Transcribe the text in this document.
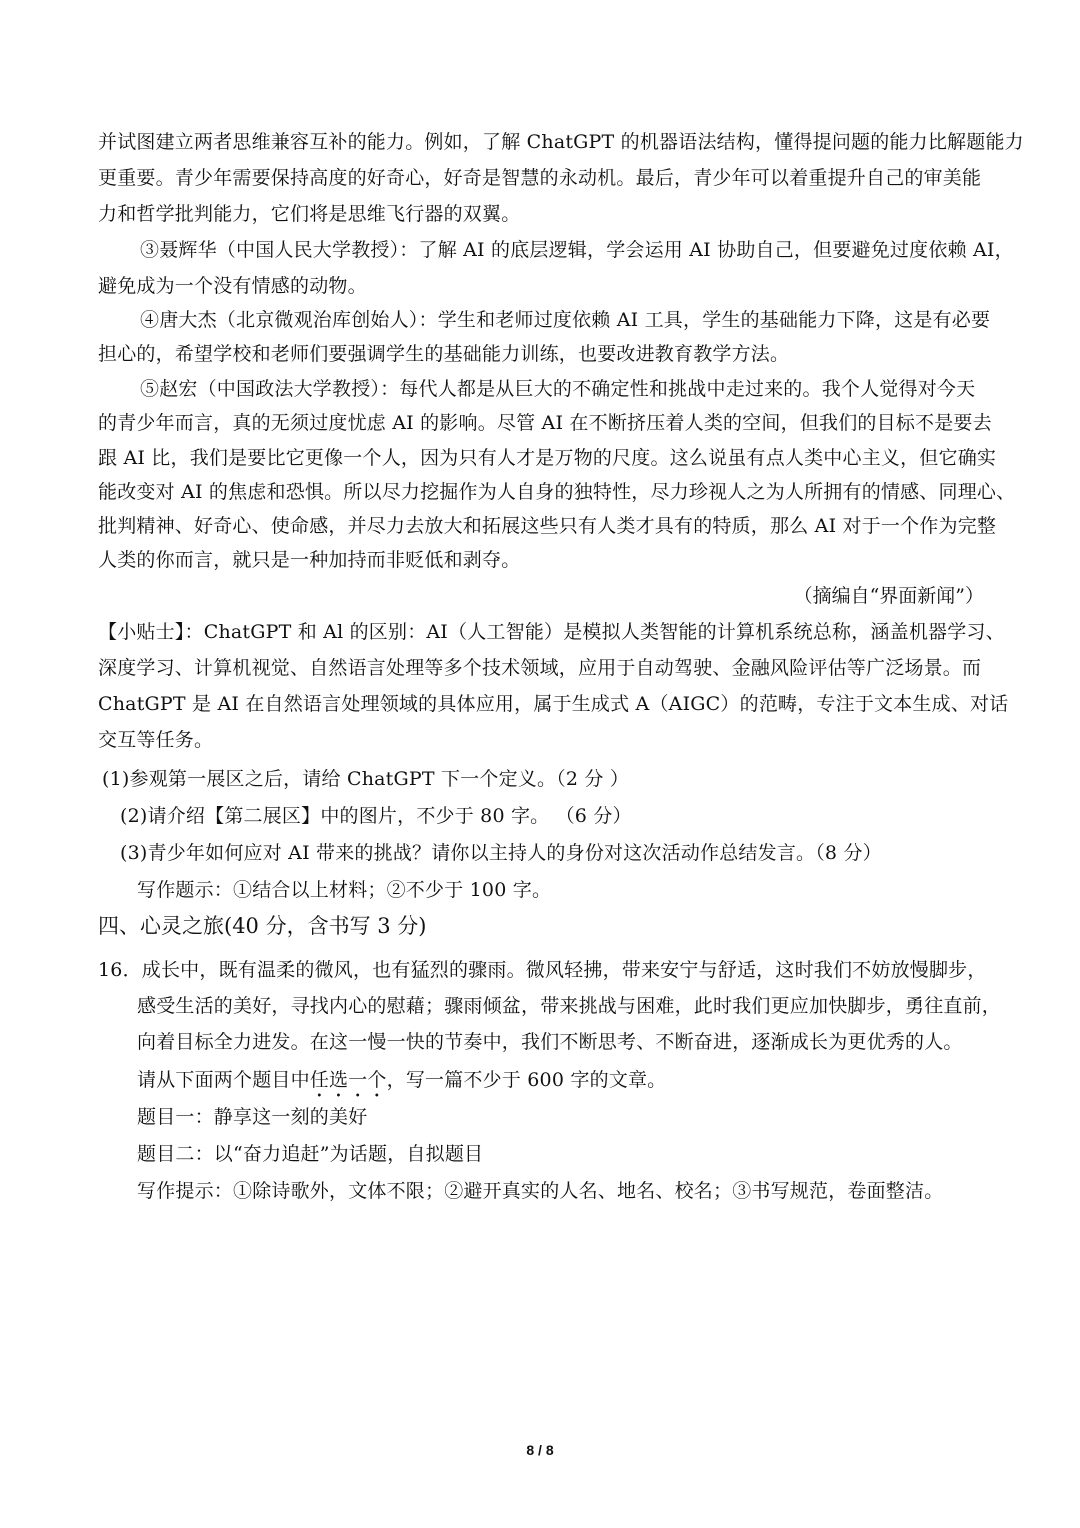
并试图建立两者思维兼容互补的能力。例如，了解 ChatGPT 的机器语法结构，懂得提问题的能力比解题能力
更重要。青少年需要保持高度的好奇心，好奇是智慧的永动机。最后，青少年可以着重提升自己的审美能
力和哲学批判能力，它们将是思维飞行器的双翼。
③聂辉华（中国人民大学教授）：了解 AI 的底层逻辑，学会运用 AI 协助自己，但要避免过度依赖 AI，
避免成为一个没有情感的动物。
④唐大杰（北京微观治库创始人）：学生和老师过度依赖 AI 工具，学生的基础能力下降，这是有必要
担心的，希望学校和老师们要强调学生的基础能力训练，也要改进教育教学方法。
⑤赵宏（中国政法大学教授）：每代人都是从巨大的不确定性和挑战中走过来的。我个人觉得对今天
的青少年而言，真的无须过度忧虑 AI 的影响。尽管 AI 在不断挤压着人类的空间，但我们的目标不是要去
跟 AI 比，我们是要比它更像一个人，因为只有人才是万物的尺度。这么说虽有点人类中心主义，但它确实
能改变对 AI 的焦虑和恐惧。所以尽力挖掘作为人自身的独特性，尽力珍视人之为人所拥有的情感、同理心、
批判精神、好奇心、使命感，并尽力去放大和拓展这些只有人类才具有的特质，那么 AI 对于一个作为完整
人类的你而言，就只是一种加持而非贬低和剥夺。
（摘编自“界面新闻”）
【小贴士】：ChatGPT 和 Al 的区别：AI（人工智能）是模拟人类智能的计算机系统总称，涵盖机器学习、
深度学习、计算机视觉、自然语言处理等多个技术领域，应用于自动驾驶、金融风险评估等广泛场景。而
ChatGPT 是 AI 在自然语言处理领域的具体应用，属于生成式 A（AIGC）的范畴，专注于文本生成、对话
交互等任务。
(1)参观第一展区之后，请给 ChatGPT 下一个定义。（2 分 ）
(2)请介绍【第二展区】中的图片，不少于 80 字。 （6 分）
(3)青少年如何应对 AI 带来的挑战？请你以主持人的身份对这次活动作总结发言。（8 分）
写作题示：①结合以上材料；②不少于 100 字。
四、心灵之旅(40 分，含书写 3 分)
16．成长中，既有温柔的微风，也有猛烈的骤雨。微风轻拂，带来安宁与舒适，这时我们不妨放慢脚步，
感受生活的美好，寻找内心的慰藉；骤雨倾盆，带来挑战与困难，此时我们更应加快脚步，勇往直前，
向着目标全力进发。在这一慢一快的节奏中，我们不断思考、不断奋进，逐渐成长为更优秀的人。
请从下面两个题目中任选一个，写一篇不少于 600 字的文章。
题目一：静享这一刻的美好
题目二：以“奋力追赶”为话题，自拟题目
写作提示：①除诗歌外，文体不限；②避开真实的人名、地名、校名；③书写规范，卷面整洁。
8 / 8
